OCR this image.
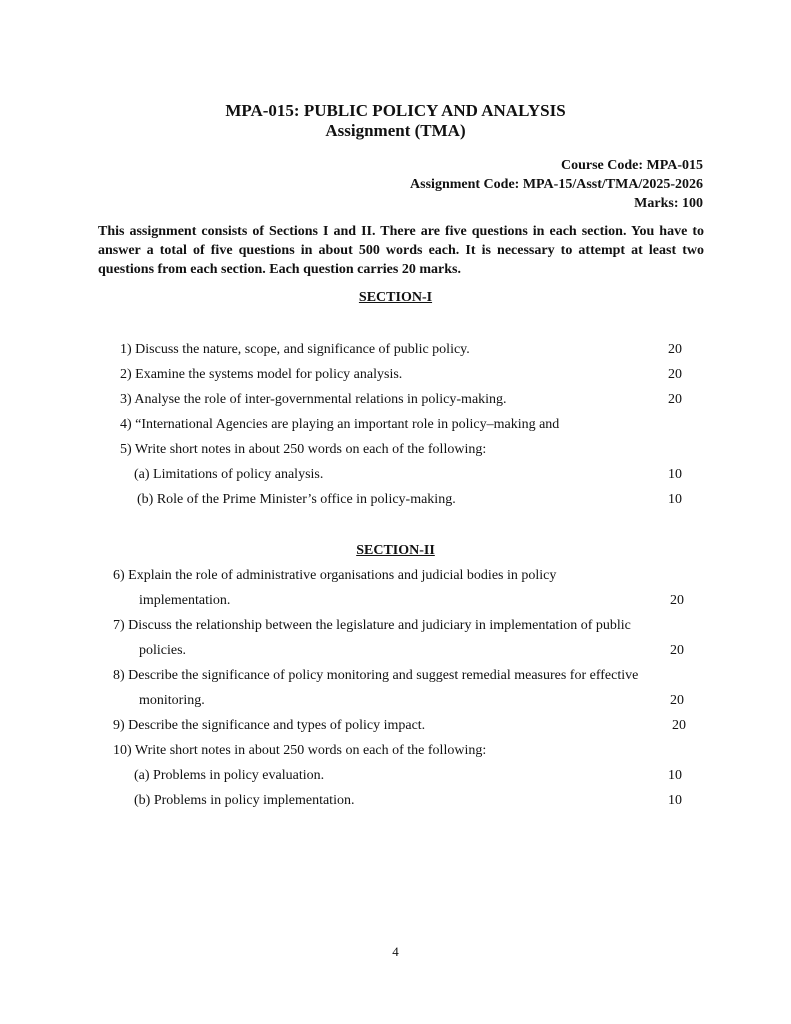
MPA-015: PUBLIC POLICY AND ANALYSIS
Assignment (TMA)
Course Code: MPA-015
Assignment Code: MPA-15/Asst/TMA/2025-2026
Marks: 100
This assignment consists of Sections I and II. There are five questions in each section. You have to answer a total of five questions in about 500 words each. It is necessary to attempt at least two questions from each section. Each question carries 20 marks.
SECTION-I
1) Discuss the nature, scope, and significance of public policy.	20
2) Examine the systems model for policy analysis.	20
3) Analyse the role of inter-governmental relations in policy-making.	20
4) “International Agencies are playing an important role in policy–making and
5) Write short notes in about 250 words on each of the following:
(a) Limitations of policy analysis.	10
(b) Role of the Prime Minister’s office in policy-making.	10
SECTION-II
6) Explain the role of administrative organisations and judicial bodies in policy
implementation.	20
7) Discuss the relationship between the legislature and judiciary in implementation of public
policies.	20
8) Describe the significance of policy monitoring and suggest remedial measures for effective
monitoring.	20
9) Describe the significance and types of policy impact.	20
10) Write short notes in about 250 words on each of the following:
(a) Problems in policy evaluation.	10
(b) Problems in policy implementation.	10
4
